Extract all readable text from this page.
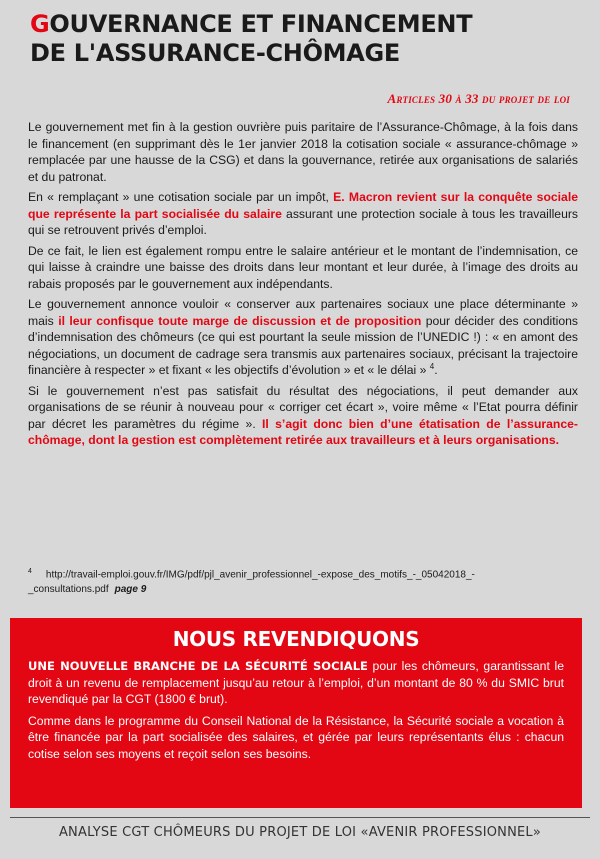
GOUVERNANCE ET FINANCEMENT
DE L'ASSURANCE-CHÔMAGE
Articles 30 à 33 du projet de loi

Le gouvernement met fin à la gestion ouvrière puis paritaire de l’Assurance-Chômage, à la fois dans le financement (en supprimant dès le 1er janvier 2018 la cotisation sociale « assurance-chômage » remplacée par une hausse de la CSG) et dans la gouvernance, retirée aux organisations de salariés et du patronat.

En « remplaçant » une cotisation sociale par un impôt, E. Macron revient sur la conquête sociale que représente la part socialisée du salaire assurant une protection sociale à tous les travailleurs qui se retrouvent privés d’emploi.

De ce fait, le lien est également rompu entre le salaire antérieur et le montant de l’indemnisation, ce qui laisse à craindre une baisse des droits dans leur montant et leur durée, à l’image des droits au rabais proposés par le gouvernement aux indépendants.

Le gouvernement annonce vouloir « conserver aux partenaires sociaux une place déterminante » mais il leur confisque toute marge de discussion et de proposition pour décider des conditions d’indemnisation des chômeurs (ce qui est pourtant la seule mission de l’UNEDIC !) : « en amont des négociations, un document de cadrage sera transmis aux partenaires sociaux, précisant la trajectoire financière à respecter » et fixant « les objectifs d’évolution » et « le délai » $^4$.

Si le gouvernement n’est pas satisfait du résultat des négociations, il peut demander aux organisations de se réunir à nouveau pour « corriger cet écart », voire même « l’Etat pourra définir par décret les paramètres du régime ». Il s’agit donc bien d’une étatisation de l’assurance-chômage, dont la gestion est complètement retirée aux travailleurs et à leurs organisations.

$^4$ http://travail-emploi.gouv.fr/IMG/pdf/pjl_avenir_professionnel_-expose_des_motifs_-_05042018_-_consultations.pdf page 9
NOUS REVENDIQUONS

UNE NOUVELLE BRANCHE DE LA SÉCURITÉ SOCIALE pour les chômeurs, garantissant le droit à un revenu de remplacement jusqu’au retour à l’emploi, d’un montant de 80 % du SMIC brut revendiqué par la CGT (1800 € brut).

Comme dans le programme du Conseil National de la Résistance, la Sécurité sociale a vocation à être financée par la part socialisée des salaires, et gérée par leurs représentants élus : chacun cotise selon ses moyens et reçoit selon ses besoins.

ANALYSE CGT CHÔMEURS DU PROJET DE LOI «AVENIR PROFESSIONNEL»
